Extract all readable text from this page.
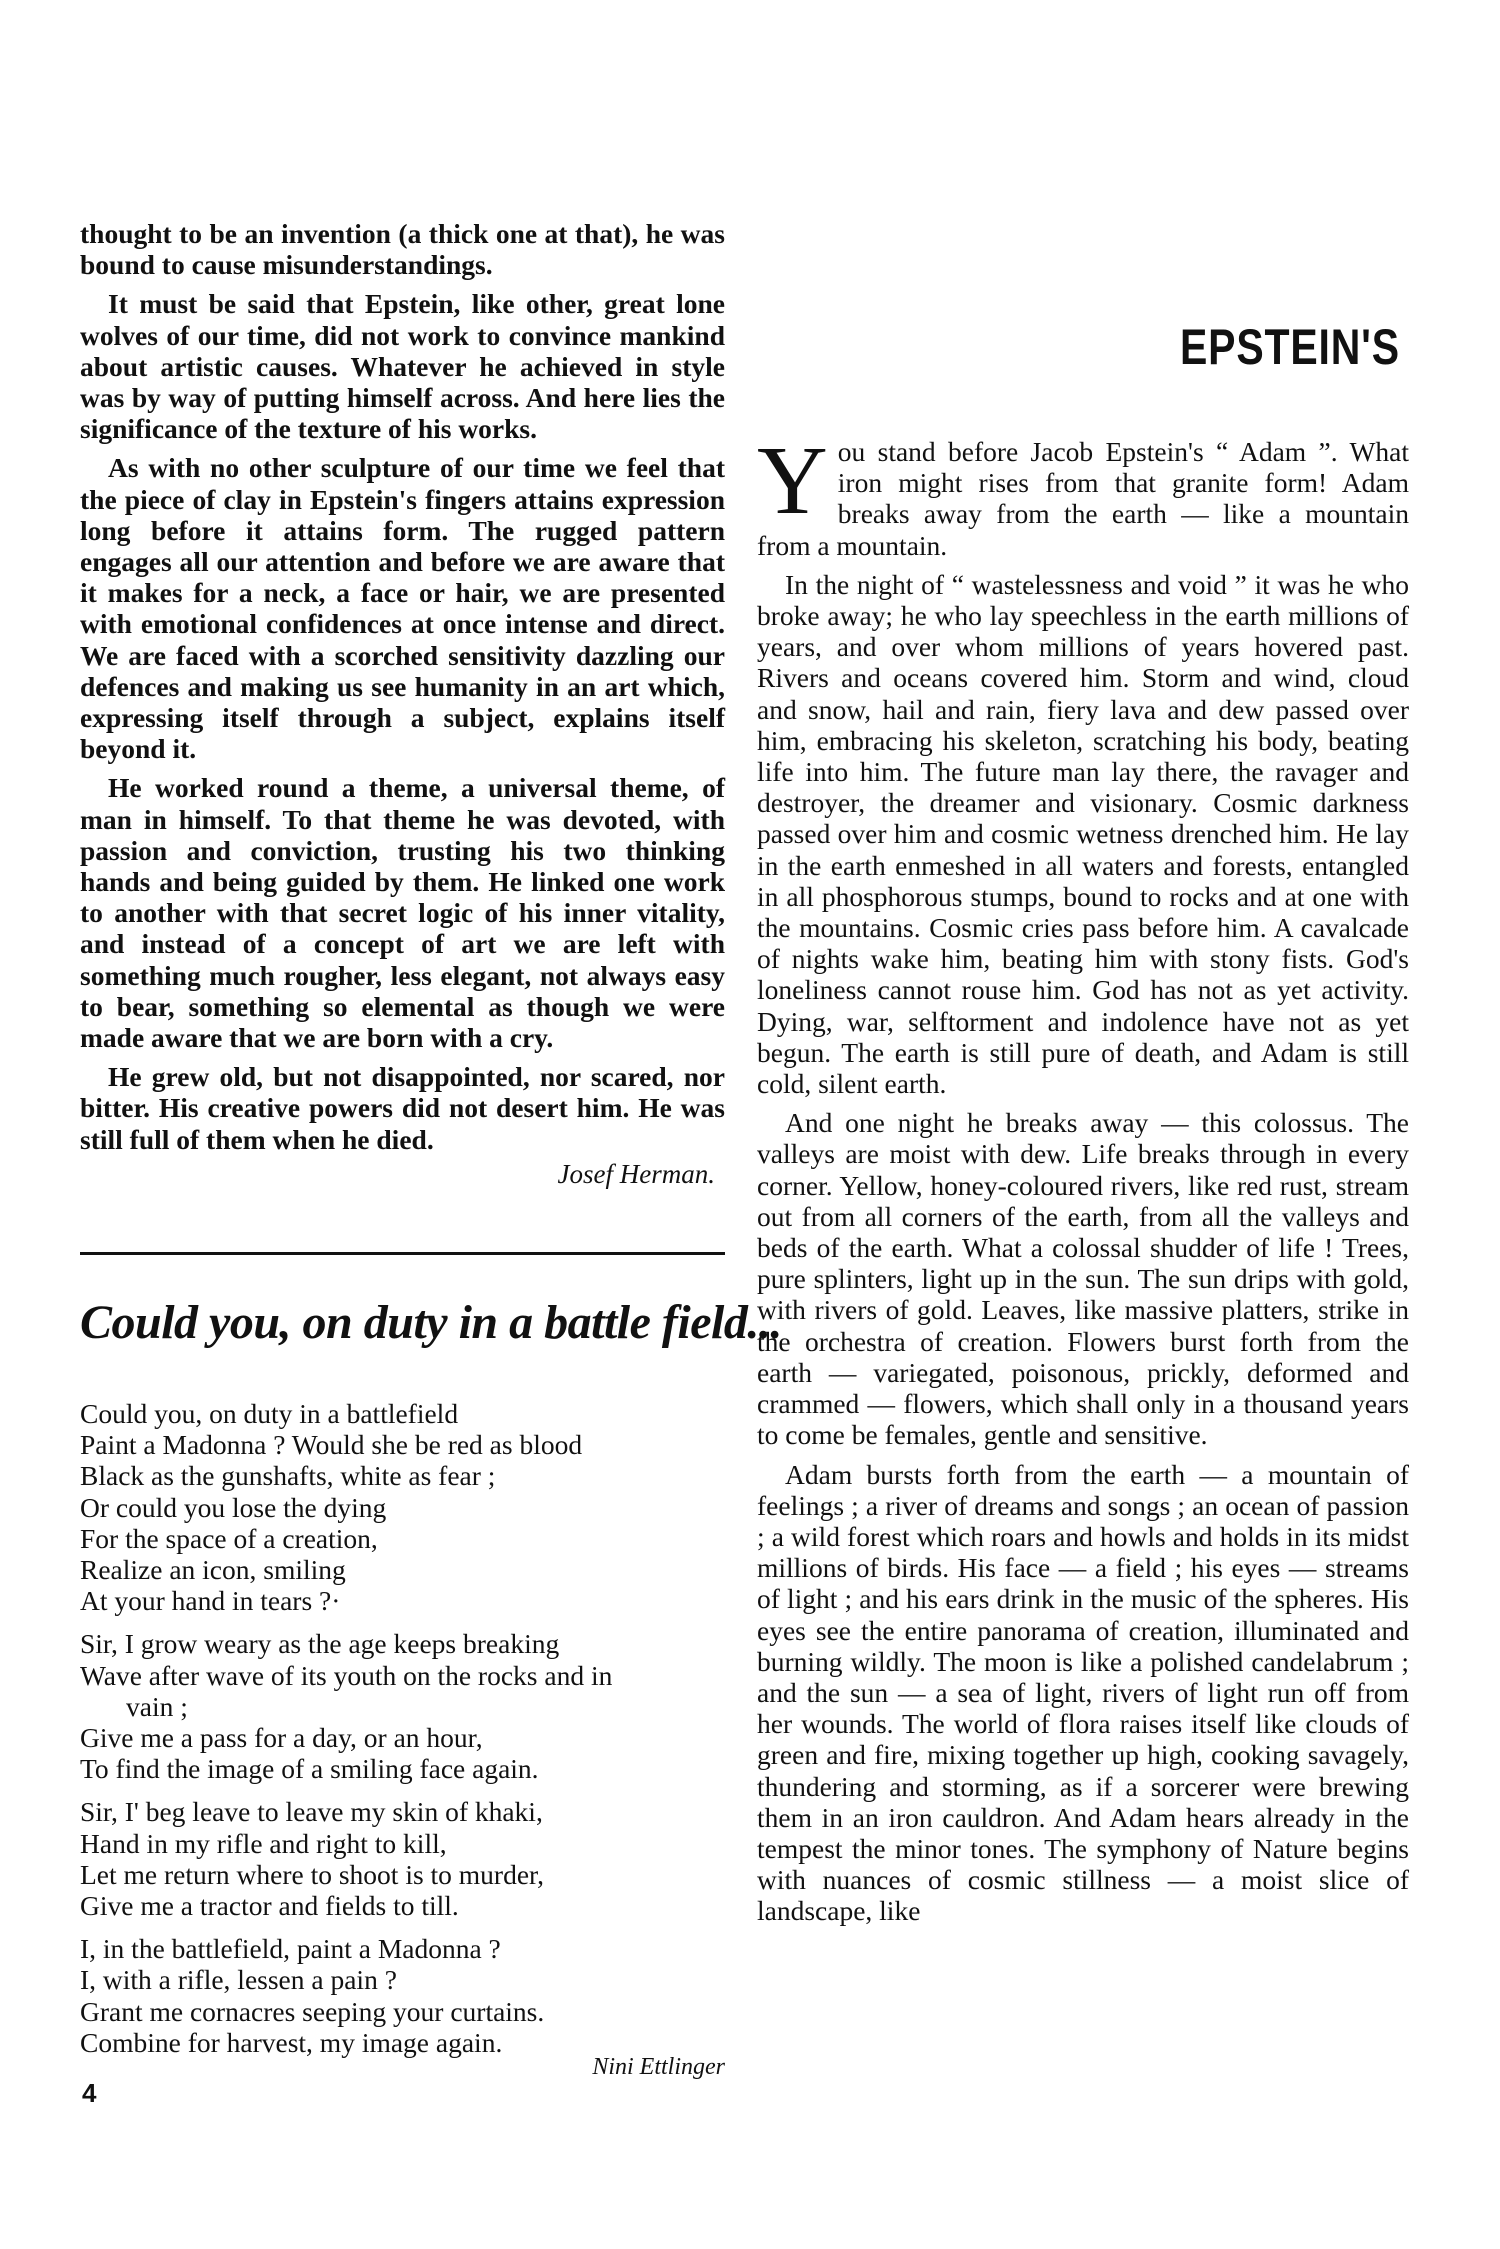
thought to be an invention (a thick one at that), he was bound to cause misunderstandings.

It must be said that Epstein, like other, great lone wolves of our time, did not work to convince mankind about artistic causes. Whatever he achieved in style was by way of putting himself across. And here lies the significance of the texture of his works.

As with no other sculpture of our time we feel that the piece of clay in Epstein's fingers attains expression long before it attains form. The rugged pattern engages all our attention and before we are aware that it makes for a neck, a face or hair, we are presented with emotional confidences at once intense and direct. We are faced with a scorched sensitivity dazzling our defences and making us see humanity in an art which, expressing itself through a subject, explains itself beyond it.

He worked round a theme, a universal theme, of man in himself. To that theme he was devoted, with passion and conviction, trusting his two thinking hands and being guided by them. He linked one work to another with that secret logic of his inner vitality, and instead of a concept of art we are left with something much rougher, less elegant, not always easy to bear, something so elemental as though we were made aware that we are born with a cry.

He grew old, but not disappointed, nor scared, nor bitter. His creative powers did not desert him. He was still full of them when he died.

Josef Herman.
Could you, on duty in a battle field...
Could you, on duty in a battlefield
Paint a Madonna ? Would she be red as blood
Black as the gunshafts, white as fear ;
Or could you lose the dying
For the space of a creation,
Realize an icon, smiling
At your hand in tears ?·
Sir, I grow weary as the age keeps breaking
Wave after wave of its youth on the rocks and in
vain ;
Give me a pass for a day, or an hour,
To find the image of a smiling face again.
Sir, I' beg leave to leave my skin of khaki,
Hand in my rifle and right to kill,
Let me return where to shoot is to murder,
Give me a tractor and fields to till.
I, in the battlefield, paint a Madonna ?
I, with a rifle, lessen a pain ?
Grant me cornacres seeping your curtains.
Combine for harvest, my image again.
Nini Ettlinger
4
EPSTEIN'S

You stand before Jacob Epstein's “ Adam ”. What iron might rises from that granite form! Adam breaks away from the earth — like a mountain from a mountain.

In the night of “ wastelessness and void ” it was he who broke away; he who lay speechless in the earth millions of years, and over whom millions of years hovered past. Rivers and oceans covered him. Storm and wind, cloud and snow, hail and rain, fiery lava and dew passed over him, embracing his skeleton, scratching his body, beating life into him. The future man lay there, the ravager and destroyer, the dreamer and visionary. Cosmic darkness passed over him and cosmic wetness drenched him. He lay in the earth enmeshed in all waters and forests, entangled in all phosphorous stumps, bound to rocks and at one with the mountains. Cosmic cries pass before him. A cavalcade of nights wake him, beating him with stony fists. God's loneliness cannot rouse him. God has not as yet activity. Dying, war, selftorment and indolence have not as yet begun. The earth is still pure of death, and Adam is still cold, silent earth.

And one night he breaks away — this colossus. The valleys are moist with dew. Life breaks through in every corner. Yellow, honey-coloured rivers, like red rust, stream out from all corners of the earth, from all the valleys and beds of the earth. What a colossal shudder of life ! Trees, pure splinters, light up in the sun. The sun drips with gold, with rivers of gold. Leaves, like massive platters, strike in the orchestra of creation. Flowers burst forth from the earth — variegated, poisonous, prickly, deformed and crammed — flowers, which shall only in a thousand years to come be females, gentle and sensitive.

Adam bursts forth from the earth — a mountain of feelings ; a river of dreams and songs ; an ocean of passion ; a wild forest which roars and howls and holds in its midst millions of birds. His face — a field ; his eyes — streams of light ; and his ears drink in the music of the spheres. His eyes see the entire panorama of creation, illuminated and burning wildly. The moon is like a polished candelabrum ; and the sun — a sea of light, rivers of light run off from her wounds. The world of flora raises itself like clouds of green and fire, mixing together up high, cooking savagely, thundering and storming, as if a sorcerer were brewing them in an iron cauldron. And Adam hears already in the tempest the minor tones. The symphony of Nature begins with nuances of cosmic stillness — a moist slice of landscape, like
